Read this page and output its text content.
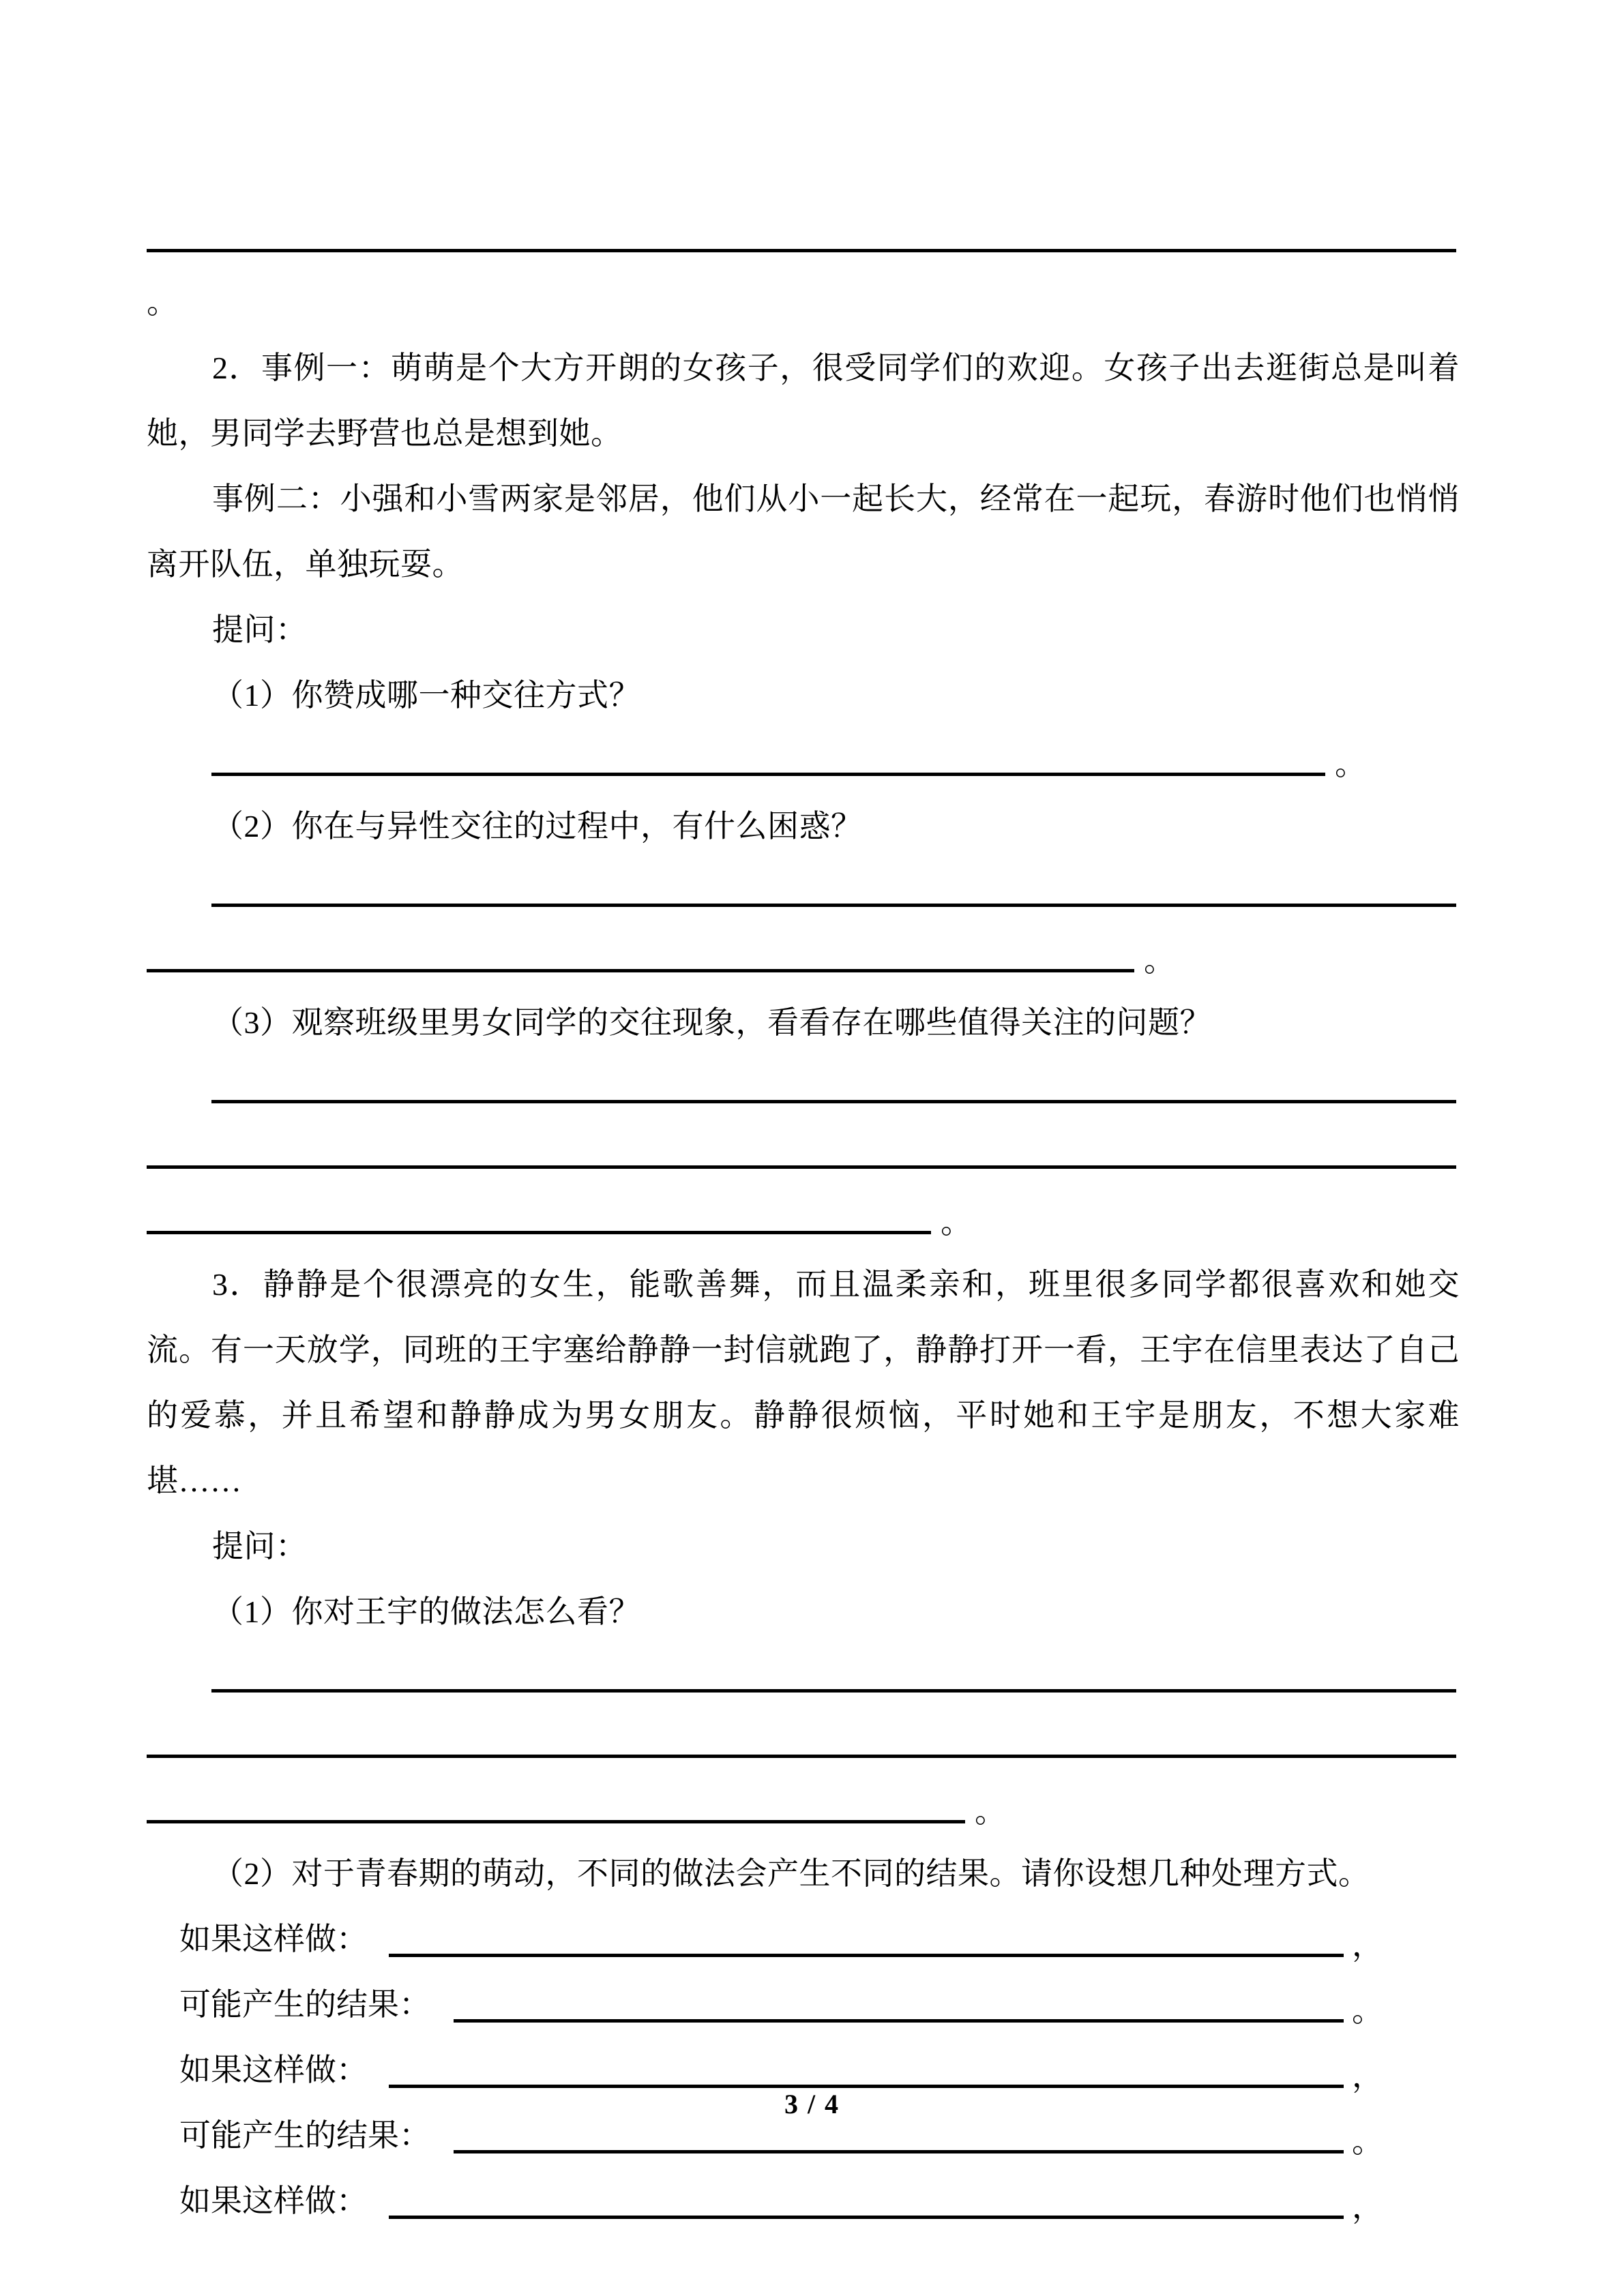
。

2．事例一：萌萌是个大方开朗的女孩子，很受同学们的欢迎。女孩子出去逛街总是叫着她，男同学去野营也总是想到她。

事例二：小强和小雪两家是邻居，他们从小一起长大，经常在一起玩，春游时他们也悄悄离开队伍，单独玩耍。

提问：

（1）你赞成哪一种交往方式？

。

（2）你在与异性交往的过程中，有什么困惑？

。

（3）观察班级里男女同学的交往现象，看看存在哪些值得关注的问题？

。

3．静静是个很漂亮的女生，能歌善舞，而且温柔亲和，班里很多同学都很喜欢和她交流。有一天放学，同班的王宇塞给静静一封信就跑了，静静打开一看，王宇在信里表达了自己的爱慕，并且希望和静静成为男女朋友。静静很烦恼，平时她和王宇是朋友，不想大家难堪……

提问：

（1）你对王宇的做法怎么看？

。

（2）对于青春期的萌动，不同的做法会产生不同的结果。请你设想几种处理方式。

如果这样做：	，
可能产生的结果：	。
如果这样做：	，
可能产生的结果：	。
如果这样做：	，
3 / 4
